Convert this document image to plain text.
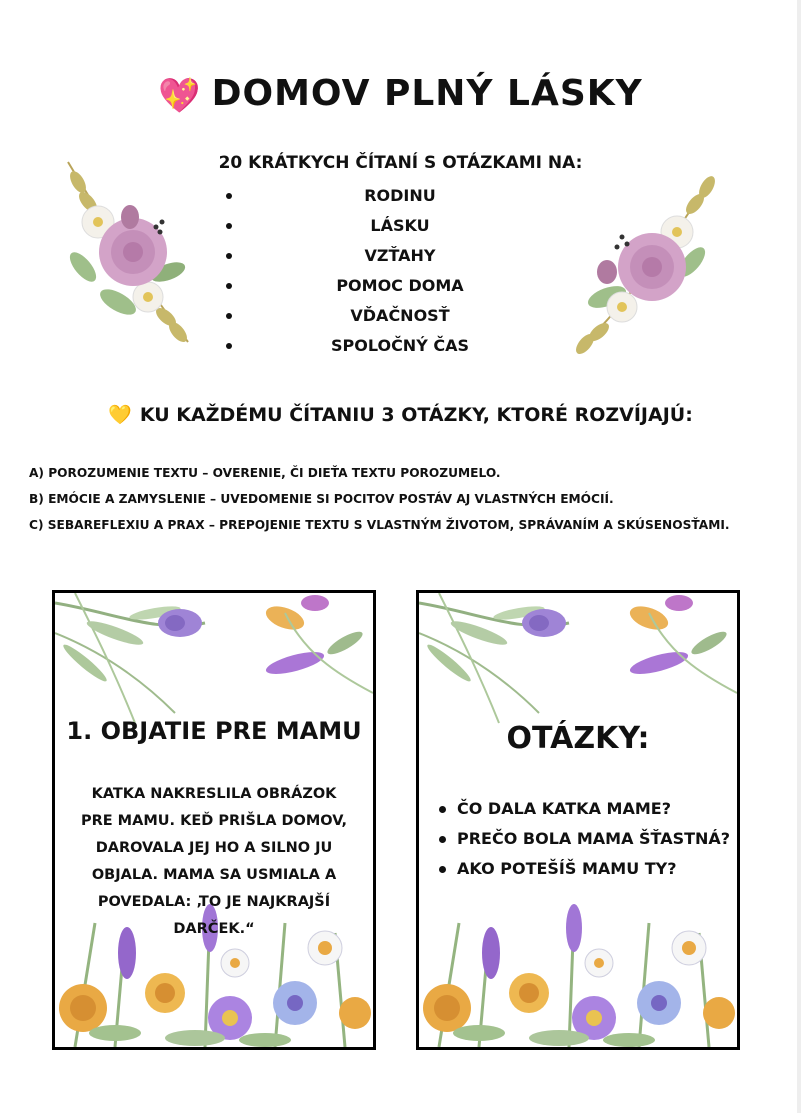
💖 DOMOV PLNÝ LÁSKY
20 KRÁTKYCH ČÍTANÍ S OTÁZKAMI NA:
RODINU
LÁSKU
VZŤAHY
POMOC DOMA
VĎAČNOSŤ
SPOLOČNÝ ČAS
💛 KU KAŽDÉMU ČÍTANIU 3 OTÁZKY, KTORÉ ROZVÍJAJÚ:
A) POROZUMENIE TEXTU – OVERENIE, ČI DIEŤA TEXTU POROZUMELO.
B) EMÓCIE A ZAMYSLENIE – UVEDOMENIE SI POCITOV POSTÁV AJ VLASTNÝCH EMÓCIÍ.
C) SEBAREFLEXIU A PRAX – PREPOJENIE TEXTU S VLASTNÝM ŽIVOTOM, SPRÁVANÍM A SKÚSENOSŤAMI.
1. OBJATIE PRE MAMU
KATKA NAKRESLILA OBRÁZOK PRE MAMU. KEĎ PRIŠLA DOMOV, DAROVALA JEJ HO A SILNO JU OBJALA. MAMA SA USMIALA A POVEDALA: ‚TO JE NAJKRAJŠÍ DARČEK.“
OTÁZKY:
ČO DALA KATKA MAME?
PREČO BOLA MAMA ŠŤASTNÁ?
AKO POTEŠÍŠ MAMU TY?
